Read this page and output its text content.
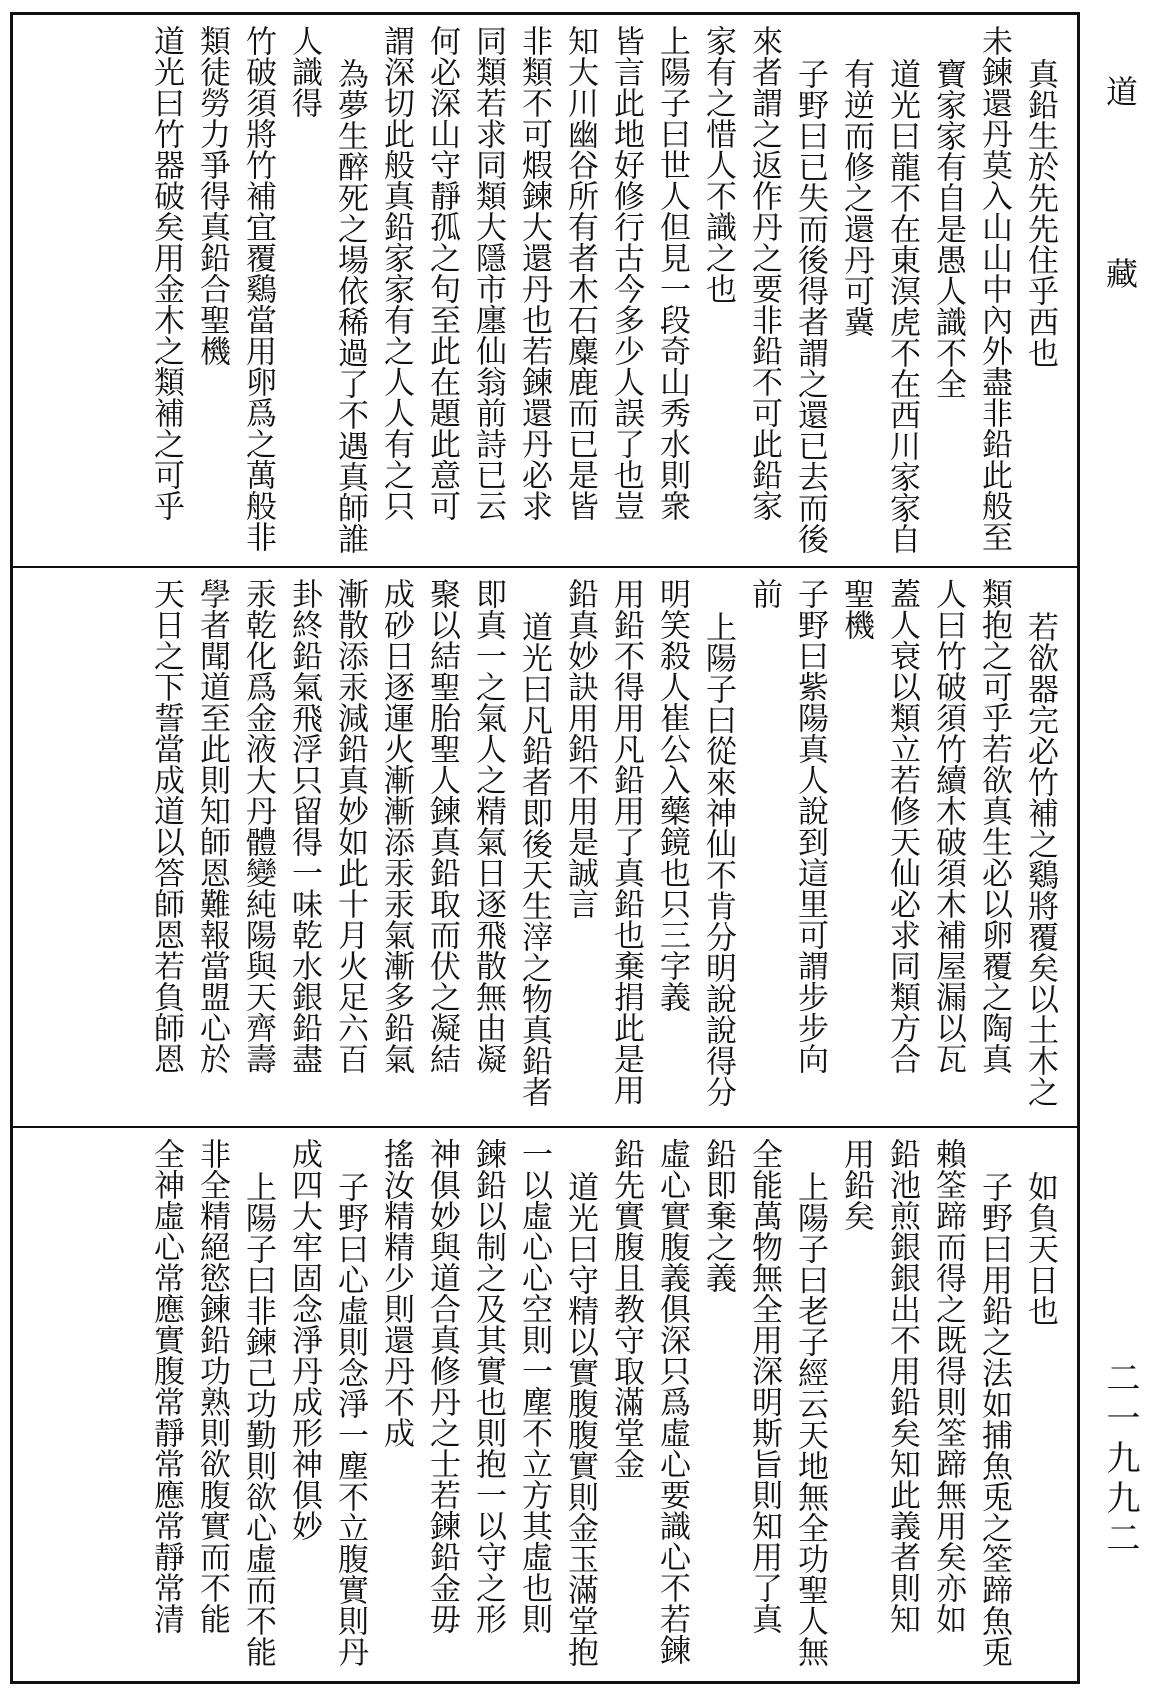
真鉛生於先先住乎西也
未鍊還丹莫入山山中內外盡非鉛此般至
寶家家有自是愚人識不全
道光曰龍不在東溟虎不在西川家家自
有逆而修之還丹可冀
子野曰已失而後得者謂之還已去而後
來者謂之返作丹之要非鉛不可此鉛家
家有之惜人不識之也
上陽子曰世人但見一段奇山秀水則衆
皆言此地好修行古今多少人誤了也豈
知大川幽谷所有者木石麋鹿而已是皆
非類不可煆鍊大還丹也若鍊還丹必求
同類若求同類大隱市廛仙翁前詩已云
何必深山守靜孤之句至此在題此意可
謂深切此般真鉛家家有之人人有之只
為夢生醉死之場依稀過了不遇真師誰
人識得
竹破須將竹補宜覆鷄當用卵爲之萬般非
類徒勞力爭得真鉛合聖機
道光曰竹器破矣用金木之類補之可乎
若欲器完必竹補之鷄將覆矣以土木之
類抱之可乎若欲真生必以卵覆之陶真
人曰竹破須竹續木破須木補屋漏以瓦
蓋人衰以類立若修天仙必求同類方合
聖機
子野曰紫陽真人說到這里可謂步步向
前
上陽子曰從來神仙不肯分明說說得分
明笑殺人崔公入藥鏡也只三字義
用鉛不得用凡鉛用了真鉛也棄捐此是用
鉛真妙訣用鉛不用是誠言
道光曰凡鉛者即後天生滓之物真鉛者
即真一之氣人之精氣日逐飛散無由凝
聚以結聖胎聖人鍊真鉛取而伏之凝結
成砂日逐運火漸漸添汞汞氣漸多鉛氣
漸散添汞減鉛真妙如此十月火足六百
卦終鉛氣飛浮只留得一味乾水銀鉛盡
汞乾化爲金液大丹體變純陽與天齊壽
學者聞道至此則知師恩難報當盟心於
天日之下誓當成道以答師恩若負師恩
如負天日也
子野曰用鉛之法如捕魚兎之筌蹄魚兎
賴筌蹄而得之既得則筌蹄無用矣亦如
鉛池煎銀銀出不用鉛矣知此義者則知
用鉛矣
上陽子曰老子經云天地無全功聖人無
全能萬物無全用深明斯旨則知用了真
鉛即棄之義
虛心實腹義俱深只爲虛心要識心不若鍊
鉛先實腹且教守取滿堂金
道光曰守精以實腹腹實則金玉滿堂抱
一以虛心心空則一塵不立方其虛也則
鍊鉛以制之及其實也則抱一以守之形
神俱妙與道合真修丹之士若鍊鉛金毋
搖汝精精少則還丹不成
子野曰心虛則念淨一塵不立腹實則丹
成四大牢固念淨丹成形神俱妙
上陽子曰非鍊己功勤則欲心虛而不能
非全精絕慾鍊鉛功熟則欲腹實而不能
全神虛心常應實腹常靜常應常靜常清
道藏
二一九九二
